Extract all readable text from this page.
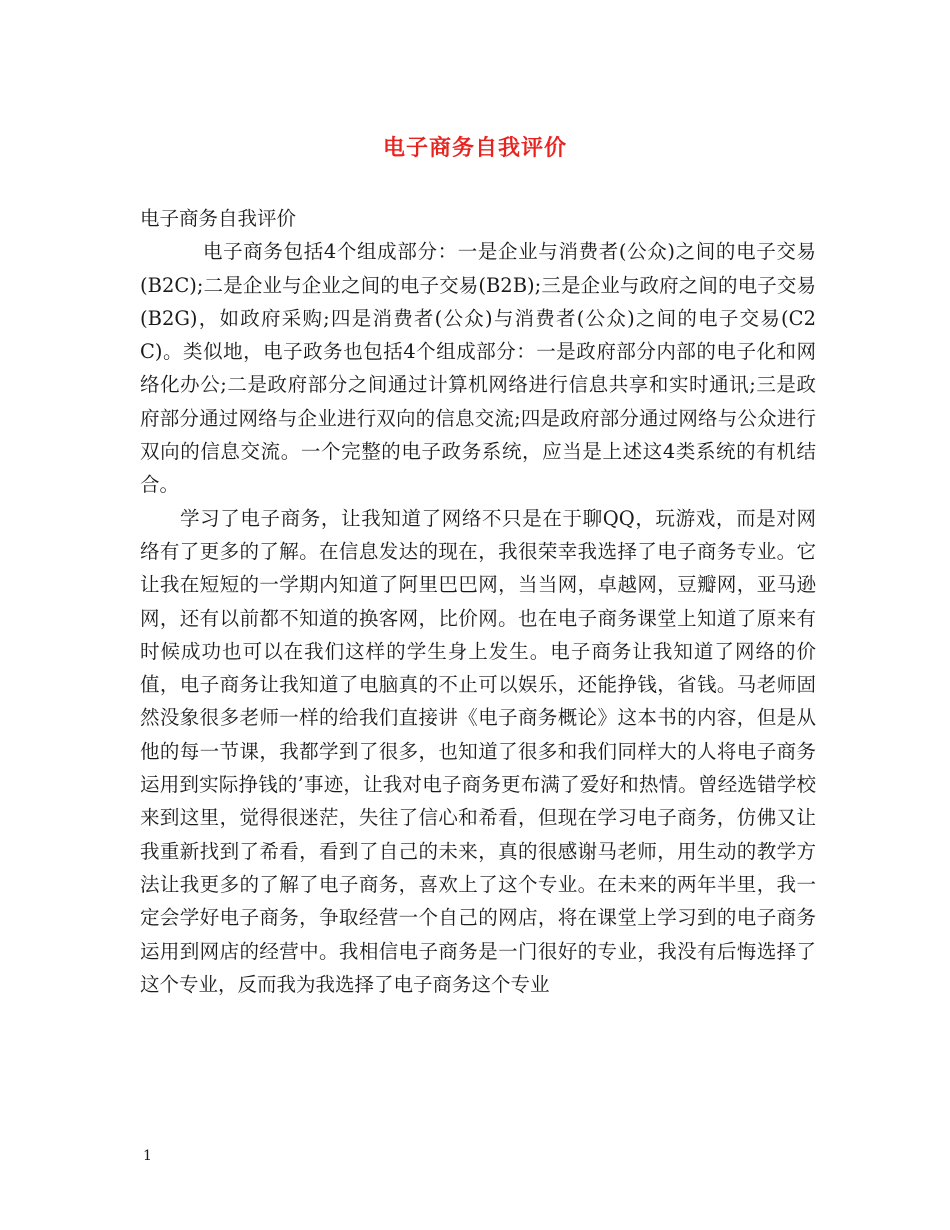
电子商务自我评价

电子商务自我评价

电子商务包括4个组成部分：一是企业与消费者(公众)之间的电子交易(B2C);二是企业与企业之间的电子交易(B2B);三是企业与政府之间的电子交易(B2G)，如政府采购;四是消费者(公众)与消费者(公众)之间的电子交易(C2C)。类似地，电子政务也包括4个组成部分：一是政府部分内部的电子化和网络化办公;二是政府部分之间通过计算机网络进行信息共享和实时通讯;三是政府部分通过网络与企业进行双向的信息交流;四是政府部分通过网络与公众进行双向的信息交流。一个完整的电子政务系统，应当是上述这4类系统的有机结合。

学习了电子商务，让我知道了网络不只是在于聊QQ，玩游戏，而是对网络有了更多的了解。在信息发达的现在，我很荣幸我选择了电子商务专业。它让我在短短的一学期内知道了阿里巴巴网，当当网，卓越网，豆瓣网，亚马逊网，还有以前都不知道的换客网，比价网。也在电子商务课堂上知道了原来有时候成功也可以在我们这样的学生身上发生。电子商务让我知道了网络的价值，电子商务让我知道了电脑真的不止可以娱乐，还能挣钱，省钱。马老师固然没象很多老师一样的给我们直接讲《电子商务概论》这本书的内容，但是从他的每一节课，我都学到了很多，也知道了很多和我们同样大的人将电子商务运用到实际挣钱的’事迹，让我对电子商务更布满了爱好和热情。曾经选错学校来到这里，觉得很迷茫，失往了信心和希看，但现在学习电子商务，仿佛又让我重新找到了希看，看到了自己的未来，真的很感谢马老师，用生动的教学方法让我更多的了解了电子商务，喜欢上了这个专业。在未来的两年半里，我一定会学好电子商务，争取经营一个自己的网店，将在课堂上学习到的电子商务运用到网店的经营中。我相信电子商务是一门很好的专业，我没有后悔选择了这个专业，反而我为我选择了电子商务这个专业

1
